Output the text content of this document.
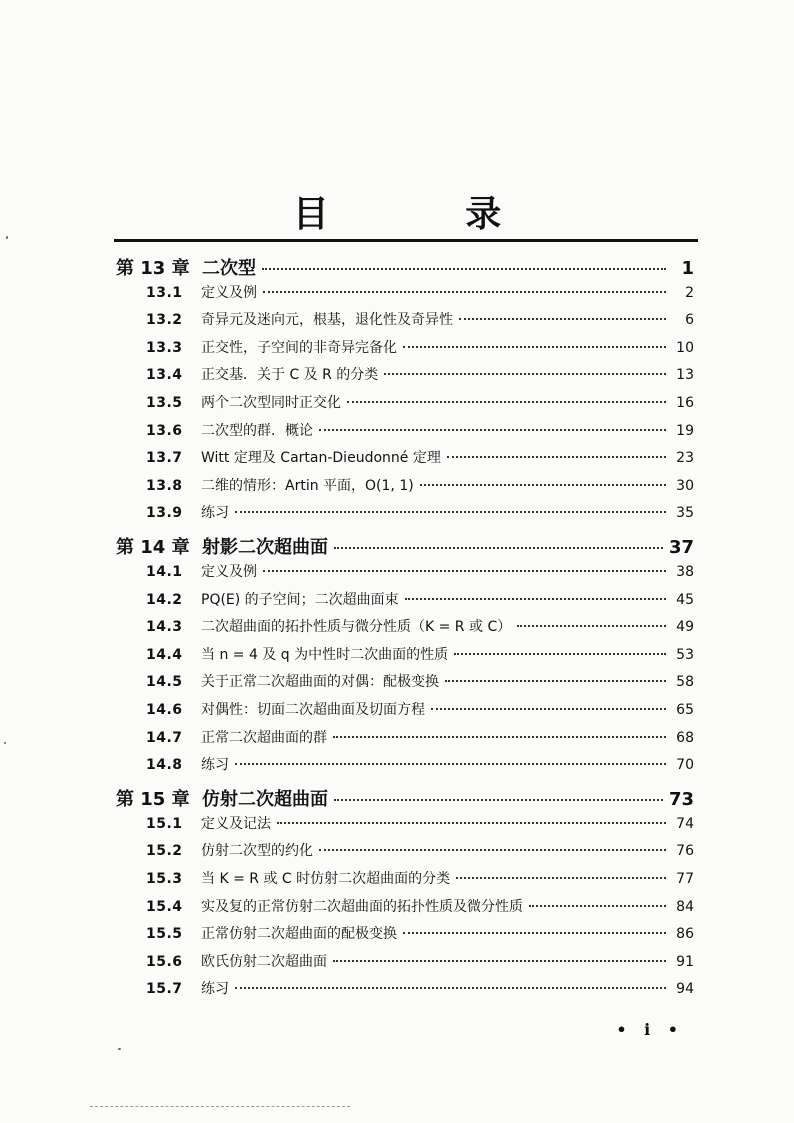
目 录
第 13 章 二次型	1
13.1	定义及例	2
13.2	奇异元及迷向元，根基，退化性及奇异性	6
13.3	正交性，子空间的非奇异完备化	10
13.4	正交基．关于 C 及 R 的分类	13
13.5	两个二次型同时正交化	16
13.6	二次型的群．概论	19
13.7	Witt 定理及 Cartan-Dieudonné 定理	23
13.8	二维的情形：Artin 平面，O(1, 1)	30
13.9	练习	35
第 14 章 射影二次超曲面	37
14.1	定义及例	38
14.2	PQ(E) 的子空间；二次超曲面束	45
14.3	二次超曲面的拓扑性质与微分性质（K = R 或 C）	49
14.4	当 n = 4 及 q 为中性时二次曲面的性质	53
14.5	关于正常二次超曲面的对偶：配极变换	58
14.6	对偶性：切面二次超曲面及切面方程	65
14.7	正常二次超曲面的群	68
14.8	练习	70
第 15 章 仿射二次超曲面	73
15.1	定义及记法	74
15.2	仿射二次型的约化	76
15.3	当 K = R 或 C 时仿射二次超曲面的分类	77
15.4	实及复的正常仿射二次超曲面的拓扑性质及微分性质	84
15.5	正常仿射二次超曲面的配极变换	86
15.6	欧氏仿射二次超曲面	91
15.7	练习	94
• i •
